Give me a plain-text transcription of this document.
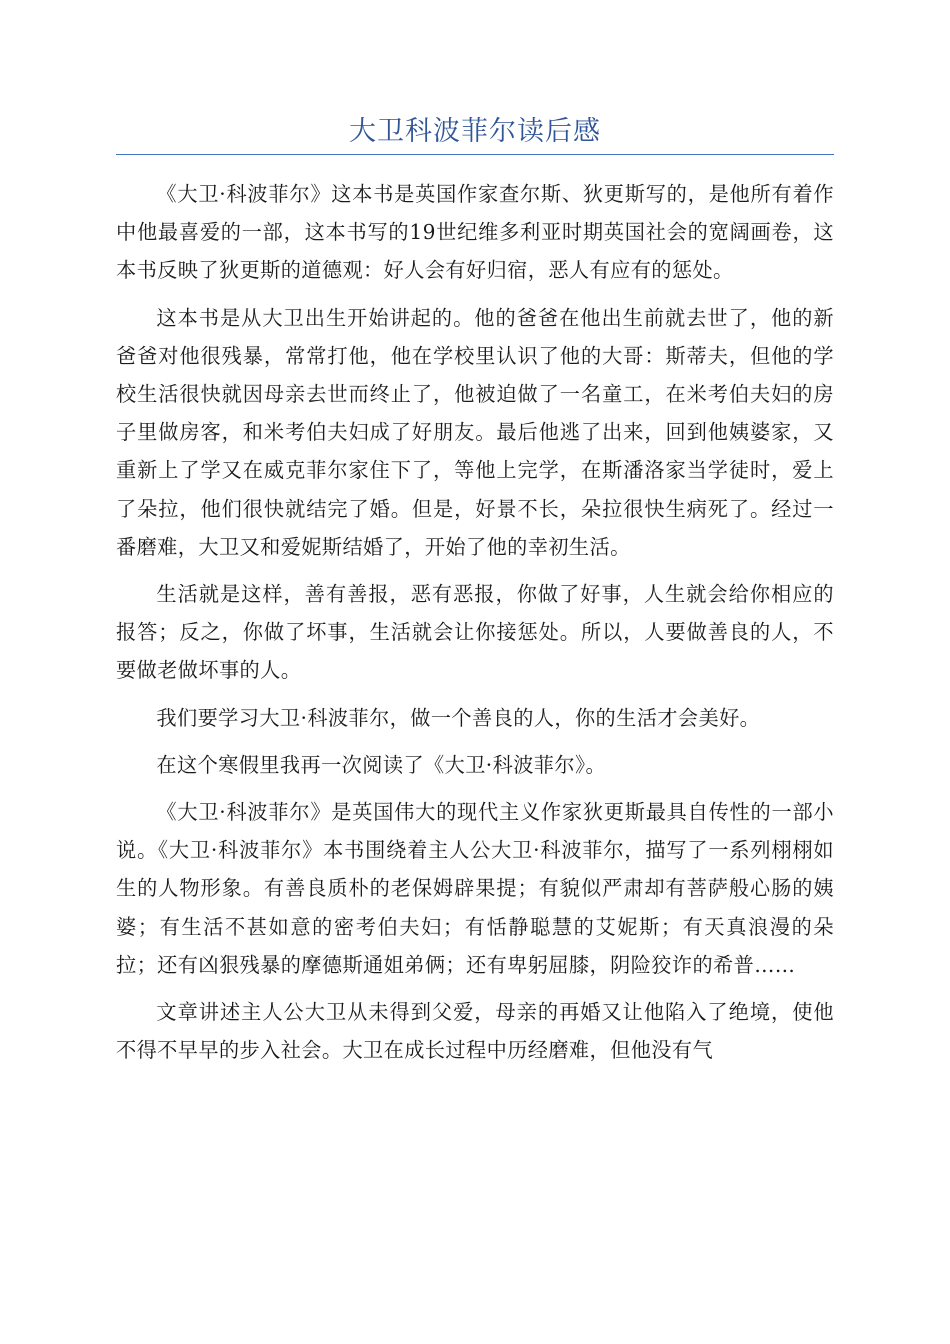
大卫科波菲尔读后感

《大卫·科波菲尔》这本书是英国作家查尔斯、狄更斯写的，是他所有着作中他最喜爱的一部，这本书写的19世纪维多利亚时期英国社会的宽阔画卷，这本书反映了狄更斯的道德观：好人会有好归宿，恶人有应有的惩处。

这本书是从大卫出生开始讲起的。他的爸爸在他出生前就去世了，他的新爸爸对他很残暴，常常打他，他在学校里认识了他的大哥：斯蒂夫，但他的学校生活很快就因母亲去世而终止了，他被迫做了一名童工，在米考伯夫妇的房子里做房客，和米考伯夫妇成了好朋友。最后他逃了出来，回到他姨婆家，又重新上了学又在威克菲尔家住下了，等他上完学，在斯潘洛家当学徒时，爱上了朵拉，他们很快就结完了婚。但是，好景不长，朵拉很快生病死了。经过一番磨难，大卫又和爱妮斯结婚了，开始了他的幸初生活。

生活就是这样，善有善报，恶有恶报，你做了好事，人生就会给你相应的报答；反之，你做了坏事，生活就会让你接惩处。所以，人要做善良的人，不要做老做坏事的人。

我们要学习大卫·科波菲尔，做一个善良的人，你的生活才会美好。

在这个寒假里我再一次阅读了《大卫·科波菲尔》。

《大卫·科波菲尔》是英国伟大的现代主义作家狄更斯最具自传性的一部小说。《大卫·科波菲尔》本书围绕着主人公大卫·科波菲尔，描写了一系列栩栩如生的人物形象。有善良质朴的老保姆辟果提；有貌似严肃却有菩萨般心肠的姨婆；有生活不甚如意的密考伯夫妇；有恬静聪慧的艾妮斯；有天真浪漫的朵拉；还有凶狠残暴的摩德斯通姐弟俩；还有卑躬屈膝，阴险狡诈的希普……

文章讲述主人公大卫从未得到父爱，母亲的再婚又让他陷入了绝境，使他不得不早早的步入社会。大卫在成长过程中历经磨难，但他没有气
